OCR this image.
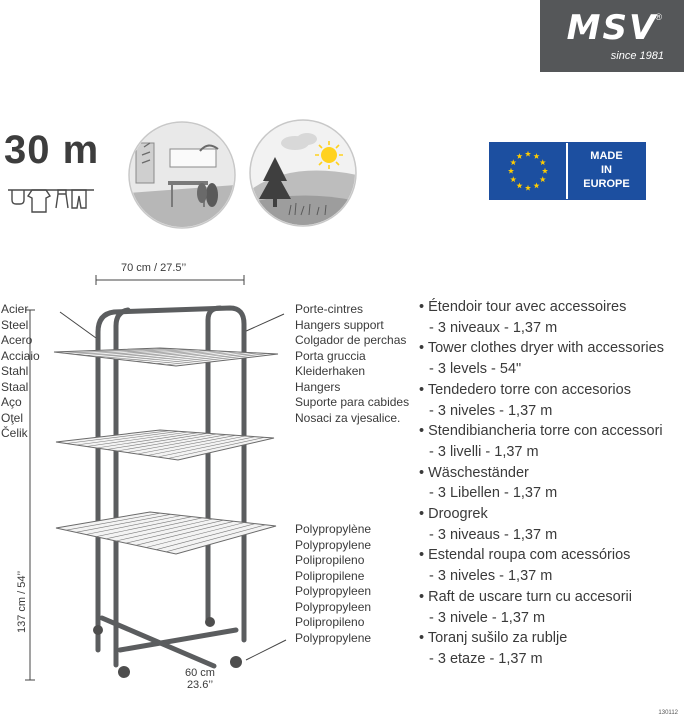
MSV
®
since 1981
30 m	MADE
IN
EUROPE
70 cm / 27.5’’
137 cm / 54’’
60 cm
23.6’’
Acier
Steel
Acero
Acciaio
Stahl
Staal
Aço
Oţel
Čelik
Porte-cintres
Hangers support
Colgador de perchas
Porta gruccia
Kleiderhaken
Hangers
Suporte para cabides
Nosaci za vjesalice.
Polypropylène
Polypropylene
Polipropileno
Polipropilene
Polypropyleen
Polypropyleen
Polipropileno
Polypropylene
• Étendoir tour avec accessoires
- 3 niveaux - 1,37 m
• Tower clothes dryer with accessories
- 3 levels - 54"
• Tendedero torre con accesorios
- 3 niveles - 1,37 m
• Stendibiancheria torre con accessori
- 3 livelli - 1,37 m
• Wäscheständer
- 3 Libellen - 1,37 m
• Droogrek
- 3 niveaus - 1,37 m
• Estendal roupa com acessórios
- 3 niveles - 1,37 m
• Raft de uscare turn cu accesorii
- 3 nivele - 1,37 m
• Toranj sušilo za rublje
- 3 etaze - 1,37 m
130112
